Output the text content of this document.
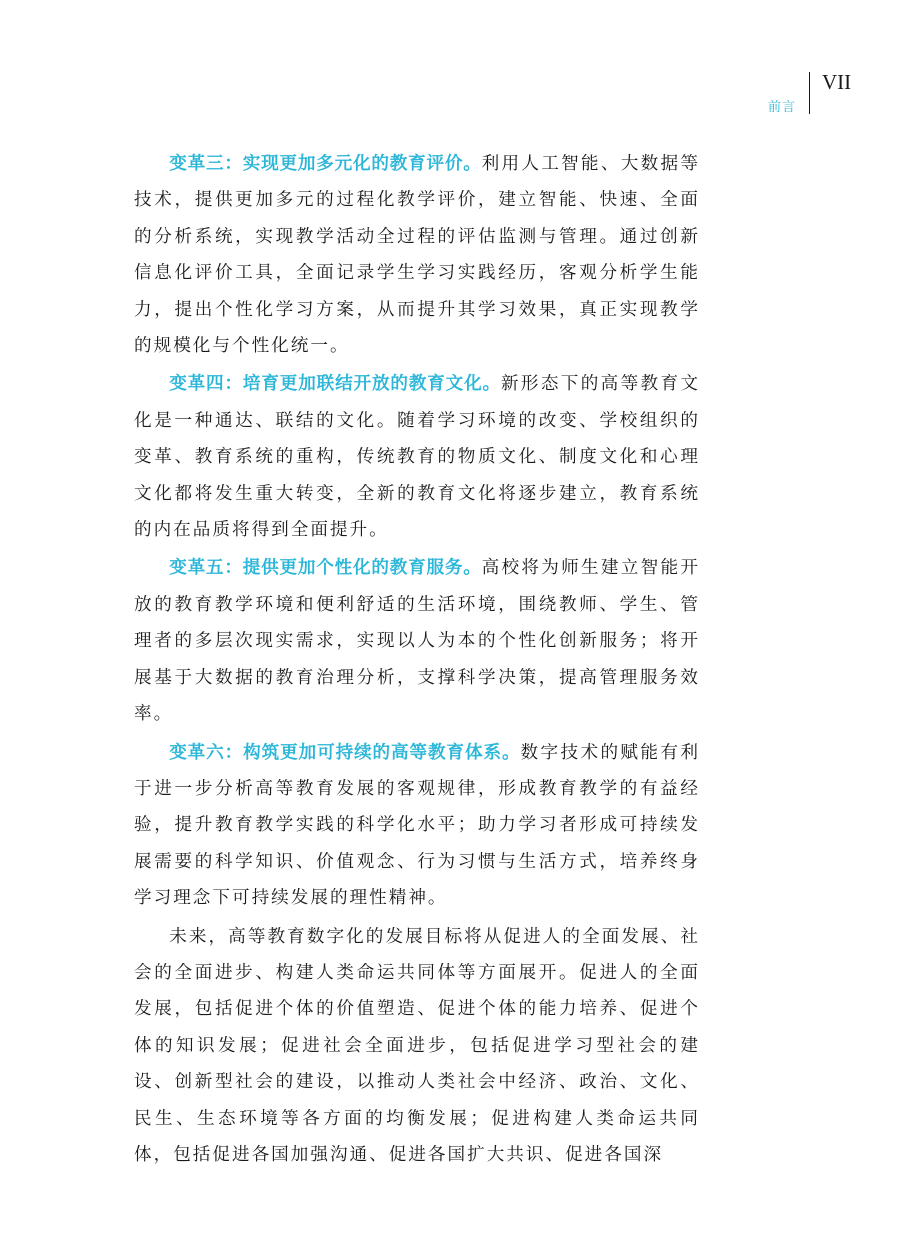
前言
VII

变革三：实现更加多元化的教育评价。利用人工智能、大数据等技术，提供更加多元的过程化教学评价，建立智能、快速、全面的分析系统，实现教学活动全过程的评估监测与管理。通过创新信息化评价工具，全面记录学生学习实践经历，客观分析学生能力，提出个性化学习方案，从而提升其学习效果，真正实现教学的规模化与个性化统一。

变革四：培育更加联结开放的教育文化。新形态下的高等教育文化是一种通达、联结的文化。随着学习环境的改变、学校组织的变革、教育系统的重构，传统教育的物质文化、制度文化和心理文化都将发生重大转变，全新的教育文化将逐步建立，教育系统的内在品质将得到全面提升。

变革五：提供更加个性化的教育服务。高校将为师生建立智能开放的教育教学环境和便利舒适的生活环境，围绕教师、学生、管理者的多层次现实需求，实现以人为本的个性化创新服务；将开展基于大数据的教育治理分析，支撑科学决策，提高管理服务效率。

变革六：构筑更加可持续的高等教育体系。数字技术的赋能有利于进一步分析高等教育发展的客观规律，形成教育教学的有益经验，提升教育教学实践的科学化水平；助力学习者形成可持续发展需要的科学知识、价值观念、行为习惯与生活方式，培养终身学习理念下可持续发展的理性精神。

未来，高等教育数字化的发展目标将从促进人的全面发展、社会的全面进步、构建人类命运共同体等方面展开。促进人的全面发展，包括促进个体的价值塑造、促进个体的能力培养、促进个体的知识发展；促进社会全面进步，包括促进学习型社会的建设、创新型社会的建设，以推动人类社会中经济、政治、文化、民生、生态环境等各方面的均衡发展；促进构建人类命运共同体，包括促进各国加强沟通、促进各国扩大共识、促进各国深
